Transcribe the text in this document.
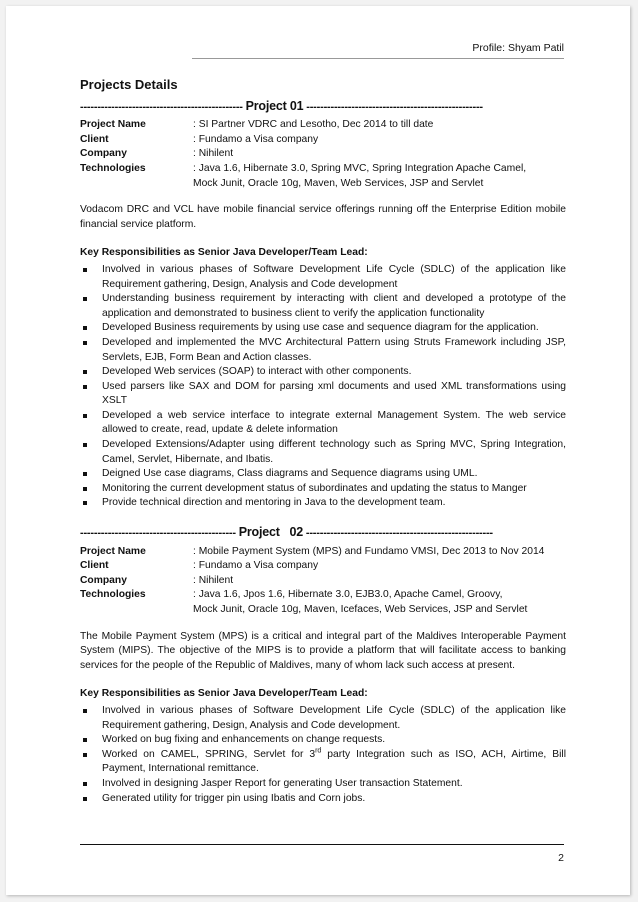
Profile: Shyam Patil
Projects Details
----------------------------------------------- Project 01 ---------------------------------------------------
Project Name	: SI Partner VDRC and Lesotho, Dec 2014 to till date
Client	: Fundamo a Visa company
Company	: Nihilent
Technologies	: Java 1.6, Hibernate 3.0, Spring MVC, Spring Integration Apache Camel,
Mock Junit, Oracle 10g, Maven, Web Services, JSP and Servlet
Vodacom DRC and VCL have mobile financial service offerings running off the Enterprise Edition mobile financial service platform.
Key Responsibilities as Senior Java Developer/Team Lead:
Involved in various phases of Software Development Life Cycle (SDLC) of the application like Requirement gathering, Design, Analysis and Code development
Understanding business requirement by interacting with client and developed a prototype of the application and demonstrated to business client to verify the application functionality
Developed Business requirements by using use case and sequence diagram for the application.
Developed and implemented the MVC Architectural Pattern using Struts Framework including JSP, Servlets, EJB, Form Bean and Action classes.
Developed Web services (SOAP) to interact with other components.
Used parsers like SAX and DOM for parsing xml documents and used XML transformations using XSLT
Developed a web service interface to integrate external Management System. The web service allowed to create, read, update & delete information
Developed Extensions/Adapter using different technology such as Spring MVC, Spring Integration, Camel, Servlet, Hibernate, and Ibatis.
Deigned Use case diagrams, Class diagrams and Sequence diagrams using UML.
Monitoring the current development status of subordinates and updating the status to Manger
Provide technical direction and mentoring in Java to the development team.
--------------------------------------------- Project   02 ------------------------------------------------------
Project Name	: Mobile Payment System (MPS) and Fundamo VMSI, Dec 2013 to Nov 2014
Client	: Fundamo a Visa company
Company	: Nihilent
Technologies	: Java 1.6, Jpos 1.6, Hibernate 3.0, EJB3.0, Apache Camel, Groovy,
Mock Junit, Oracle 10g, Maven, Icefaces, Web Services, JSP and Servlet
The Mobile Payment System (MPS) is a critical and integral part of the Maldives Interoperable Payment System (MIPS). The objective of the MIPS is to provide a platform that will facilitate access to banking services for the people of the Republic of Maldives, many of whom lack such access at present.
Key Responsibilities as Senior Java Developer/Team Lead:
Involved in various phases of Software Development Life Cycle (SDLC) of the application like Requirement gathering, Design, Analysis and Code development.
Worked on bug fixing and enhancements on change requests.
Worked on CAMEL, SPRING, Servlet for 3rd party Integration such as ISO, ACH, Airtime, Bill Payment, International remittance.
Involved in designing Jasper Report for generating User transaction Statement.
Generated utility for trigger pin using Ibatis and Corn jobs.
2
